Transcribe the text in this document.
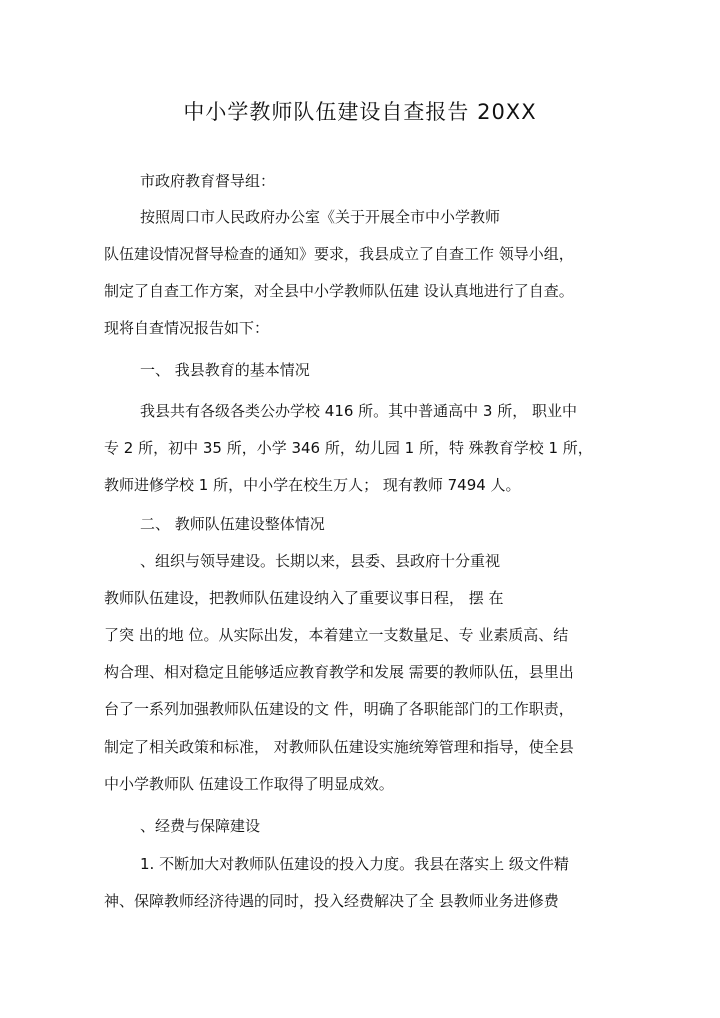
中小学教师队伍建设自查报告 20XX
市政府教育督导组：
按照周口市人民政府办公室《关于开展全市中小学教师
队伍建设情况督导检查的通知》要求，我县成立了自查工作 领导小组，
制定了自查工作方案，对全县中小学教师队伍建 设认真地进行了自查。
现将自查情况报告如下：
一、 我县教育的基本情况
我县共有各级各类公办学校 416 所。其中普通高中 3 所， 职业中
专 2 所，初中 35 所，小学 346 所，幼儿园 1 所，特 殊教育学校 1 所，
教师进修学校 1 所，中小学在校生万人； 现有教师 7494 人。
二、 教师队伍建设整体情况
、组织与领导建设。长期以来，县委、县政府十分重视
教师队伍建设，把教师队伍建设纳入了重要议事日程， 摆 在
了突 出的地 位。从实际出发，本着建立一支数量足、专 业素质高、结
构合理、相对稳定且能够适应教育教学和发展 需要的教师队伍，县里出
台了一系列加强教师队伍建设的文 件，明确了各职能部门的工作职责，
制定了相关政策和标准， 对教师队伍建设实施统筹管理和指导，使全县
中小学教师队 伍建设工作取得了明显成效。
、经费与保障建设
1. 不断加大对教师队伍建设的投入力度。我县在落实上 级文件精
神、保障教师经济待遇的同时，投入经费解决了全 县教师业务进修费
